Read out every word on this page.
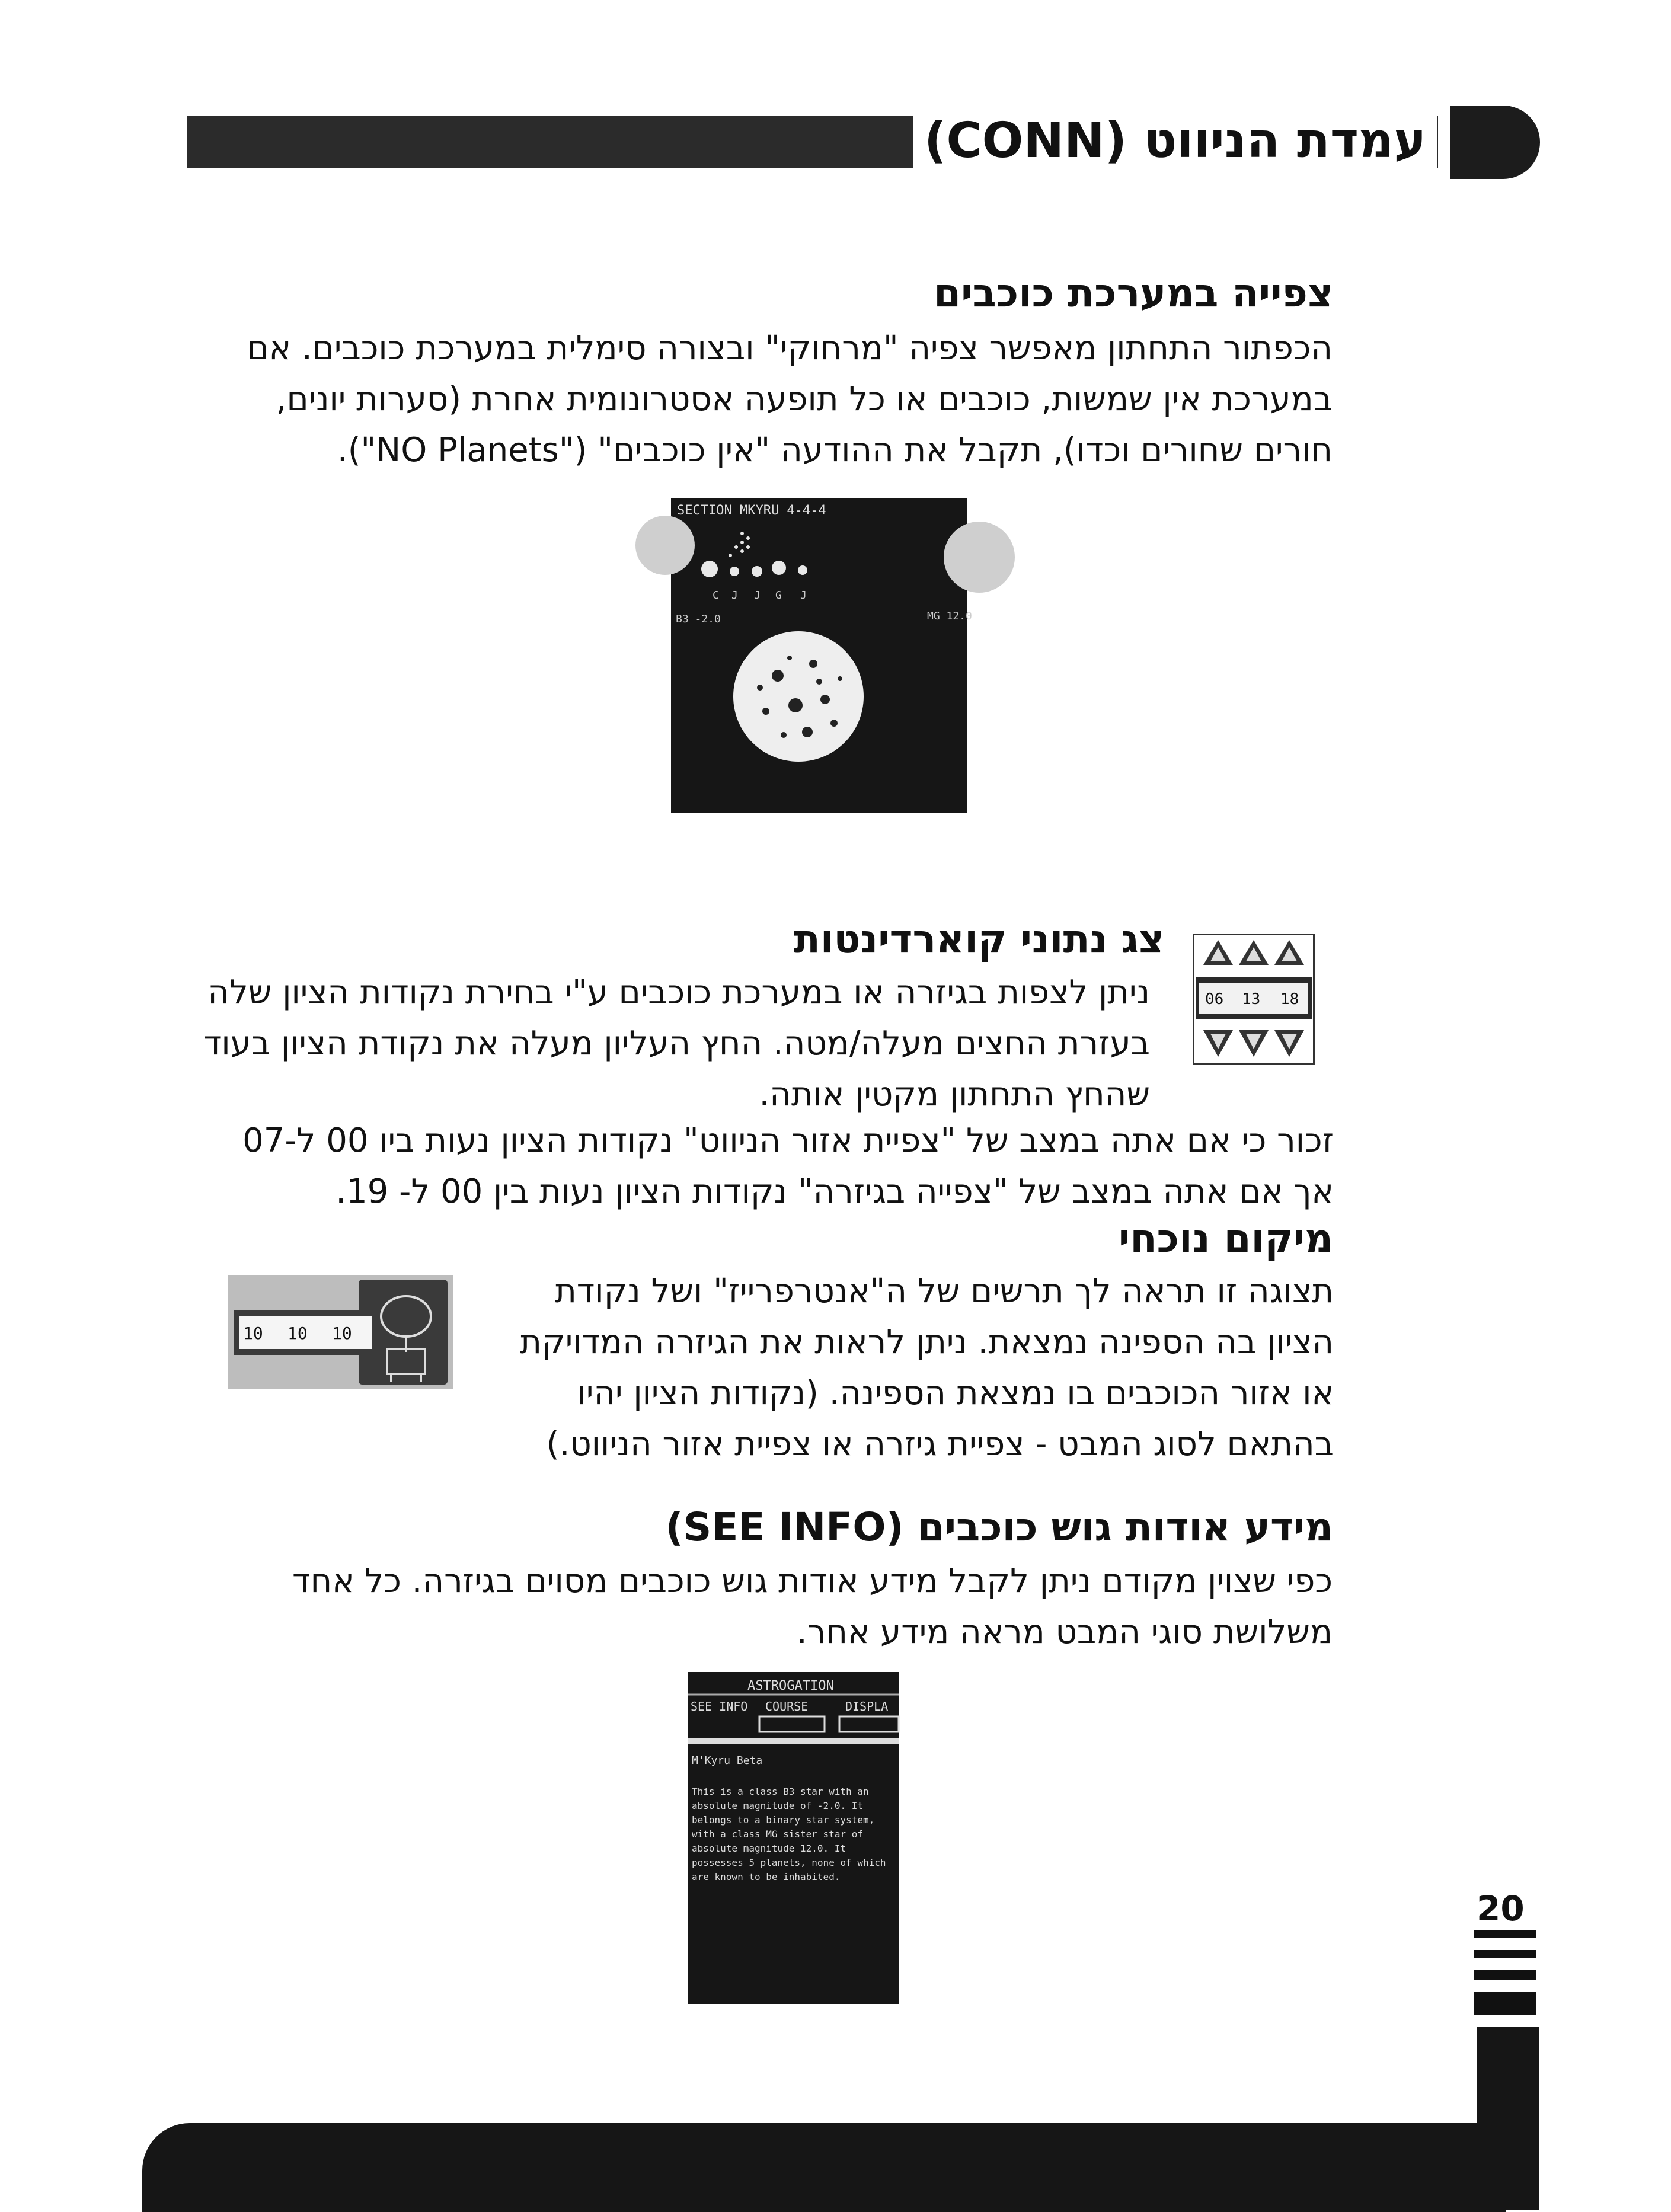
עמדת הניווט (CONN)
צפייה במערכת כוכבים

הכפתור התחתון מאפשר צפיה "מרחוקי" ובצורה סימלית במערכת כוכבים. אם במערכת אין שמשות, כוכבים או כל תופעה אסטרונומית אחרת (סערות יונים, חורים שחורים וכדו), תקבל את ההודעה "אין כוכבים" ("NO Planets").

SECTION MKYRU 4-4-4
C J J G J
B3 -2.0	MG 12.0
צג נתוני קוארדינטות

ניתן לצפות בגיזרה או במערכת כוכבים ע"י בחירת נקודות הציון שלה בעזרת החצים מעלה/מטה. החץ העליון מעלה את נקודת הציון בעוד שהחץ התחתון מקטין אותה.

זכור כי אם אתה במצב של "צפיית אזור הניווט" נקודות הציון נעות ביו 00 ל-07 אך אם אתה במצב של "צפייה בגיזרה" נקודות הציון נעות בין 00 ל- 19.

06 13 18
מיקום נוכחי

תצוגה זו תראה לך תרשים של ה"אנטרפרייז" ושל נקודת הציון בה הספינה נמצאת. ניתן לראות את הגיזרה המדויקת או אזור הכוכבים בו נמצאת הספינה. (נקודות הציון יהיו בהתאם לסוג המבט - צפיית גיזרה או צפיית אזור הניווט.)

10 10 10
מידע אודות גוש כוכבים (SEE INFO)

כפי שצוין מקודם ניתן לקבל מידע אודות גוש כוכבים מסוים בגיזרה. כל אחד משלושת סוגי המבט מראה מידע אחר.

ASTROGATION
SEE INFO COURSE	DISPLA
M'Kyru Beta
This is a class B3 star with an absolute magnitude of -2.0. It belongs to a binary star system, with a class MG sister star of absolute magnitude 12.0. It possesses 5 planets, none of which are known to be inhabited.
20
